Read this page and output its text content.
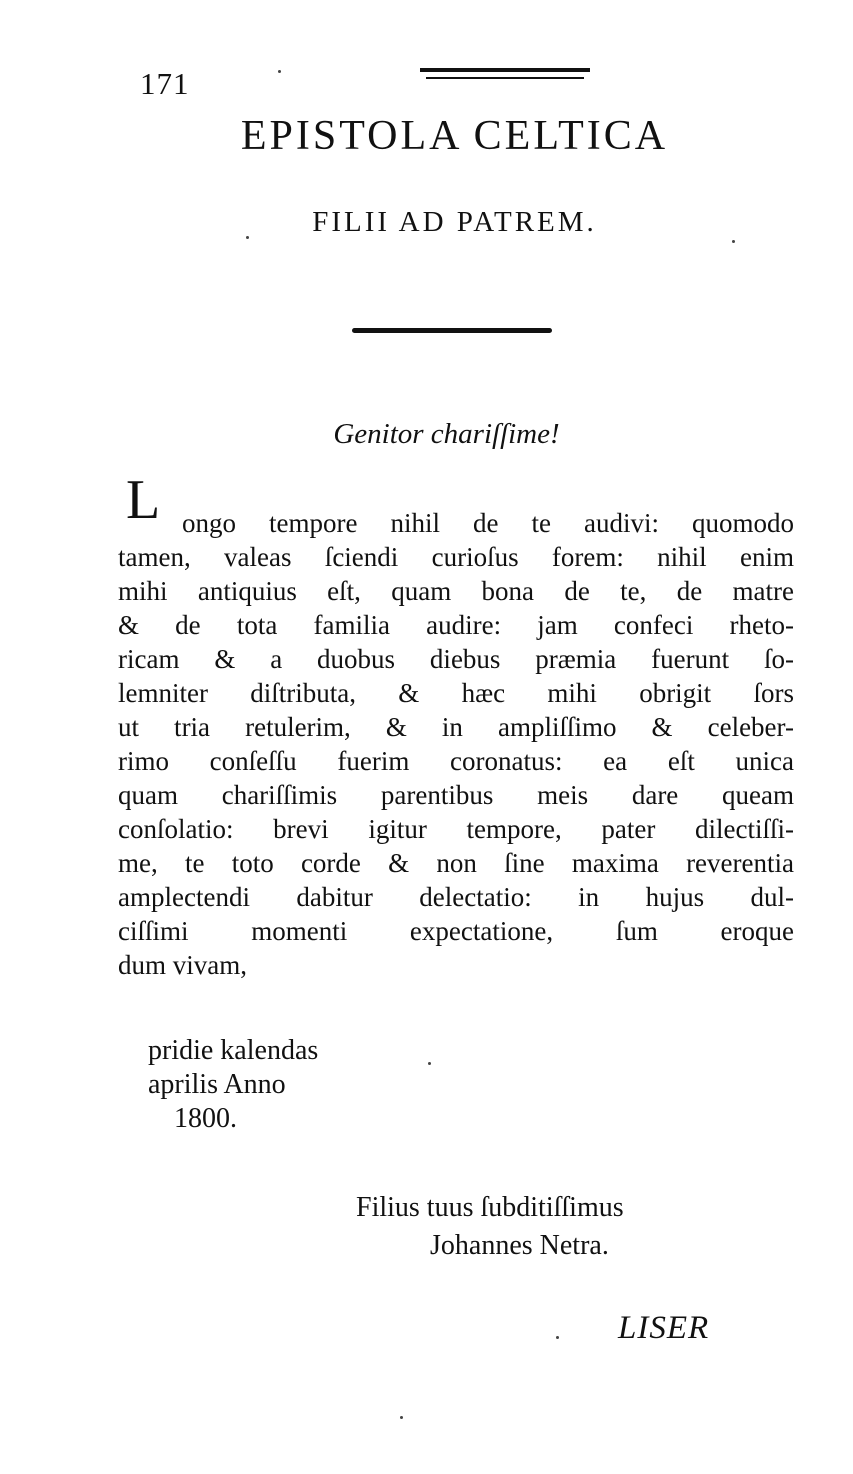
171
EPISTOLA CELTICA
FILII AD PATREM.
Genitor chariſſime!
L ongo tempore nihil de te audivi: quomodo
tamen, valeas ſciendi curioſus forem: nihil enim
mihi antiquius eſt, quam bona de te, de matre
& de tota familia audire: jam confeci rheto-
ricam & a duobus diebus præmia fuerunt ſo-
lemniter diſtributa, & hæc mihi obrigit ſors
ut tria retulerim, & in ampliſſimo & celeber-
rimo conſeſſu fuerim coronatus: ea eſt unica
quam chariſſimis parentibus meis dare queam
conſolatio: brevi igitur tempore, pater dilectiſſi-
me, te toto corde & non ſine maxima reverentia
amplectendi dabitur delectatio: in hujus dul-
ciſſimi momenti expectatione, ſum eroque
dum vivam,
pridie kalendas
aprilis Anno
1800.
Filius tuus ſubditiſſimus
Johannes Netra.
LISER
